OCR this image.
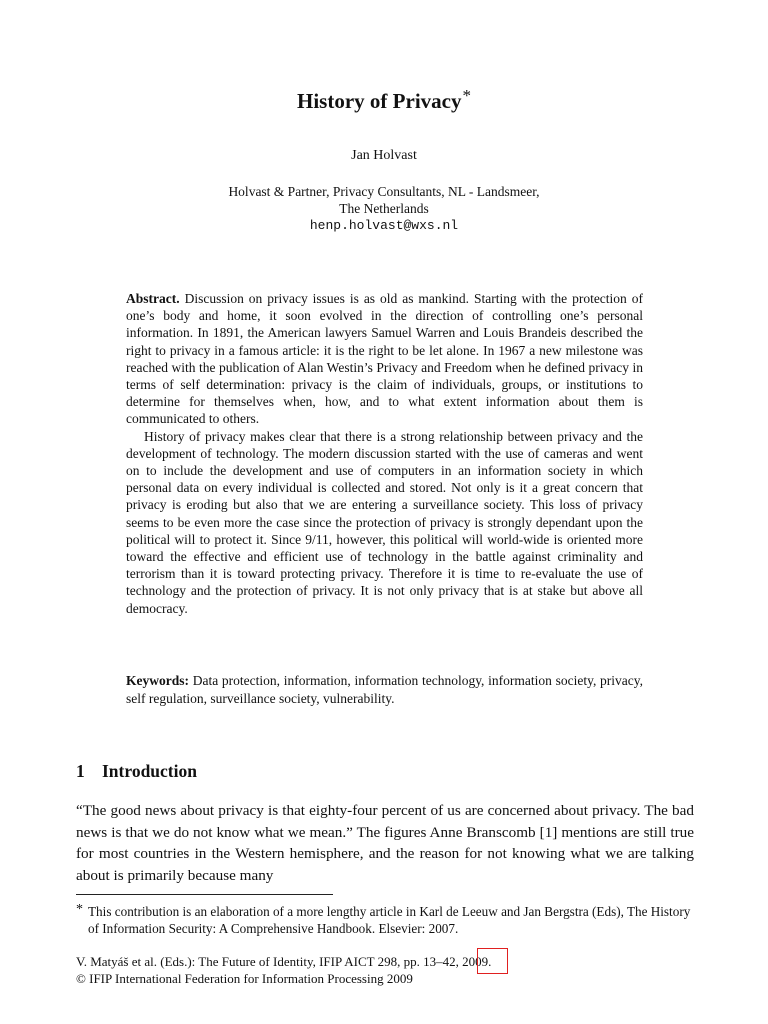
History of Privacy*
Jan Holvast
Holvast & Partner, Privacy Consultants, NL - Landsmeer,
The Netherlands
henp.holvast@wxs.nl

Abstract. Discussion on privacy issues is as old as mankind. Starting with the protection of one’s body and home, it soon evolved in the direction of controlling one’s personal information. In 1891, the American lawyers Samuel Warren and Louis Brandeis described the right to privacy in a famous article: it is the right to be let alone. In 1967 a new milestone was reached with the publication of Alan Westin’s Privacy and Freedom when he defined privacy in terms of self determination: privacy is the claim of individuals, groups, or institutions to determine for themselves when, how, and to what extent information about them is communicated to others.

History of privacy makes clear that there is a strong relationship between privacy and the development of technology. The modern discussion started with the use of cameras and went on to include the development and use of computers in an information society in which personal data on every individual is collected and stored. Not only is it a great concern that privacy is eroding but also that we are entering a surveillance society. This loss of privacy seems to be even more the case since the protection of privacy is strongly dependant upon the political will to protect it. Since 9/11, however, this political will world-wide is oriented more toward the effective and efficient use of technology in the battle against criminality and terrorism than it is toward protecting privacy. Therefore it is time to re-evaluate the use of technology and the protection of privacy. It is not only privacy that is at stake but above all democracy.

Keywords: Data protection, information, information technology, information society, privacy, self regulation, surveillance society, vulnerability.
1 Introduction

“The good news about privacy is that eighty-four percent of us are concerned about privacy. The bad news is that we do not know what we mean.” The figures Anne Branscomb [1] mentions are still true for most countries in the Western hemisphere, and the reason for not knowing what we are talking about is primarily because many

* This contribution is an elaboration of a more lengthy article in Karl de Leeuw and Jan Bergstra (Eds), The History of Information Security: A Comprehensive Handbook. Elsevier: 2007.
V. Matyáš et al. (Eds.): The Future of Identity, IFIP AICT 298, pp. 13–42, 2009.
© IFIP International Federation for Information Processing 2009
